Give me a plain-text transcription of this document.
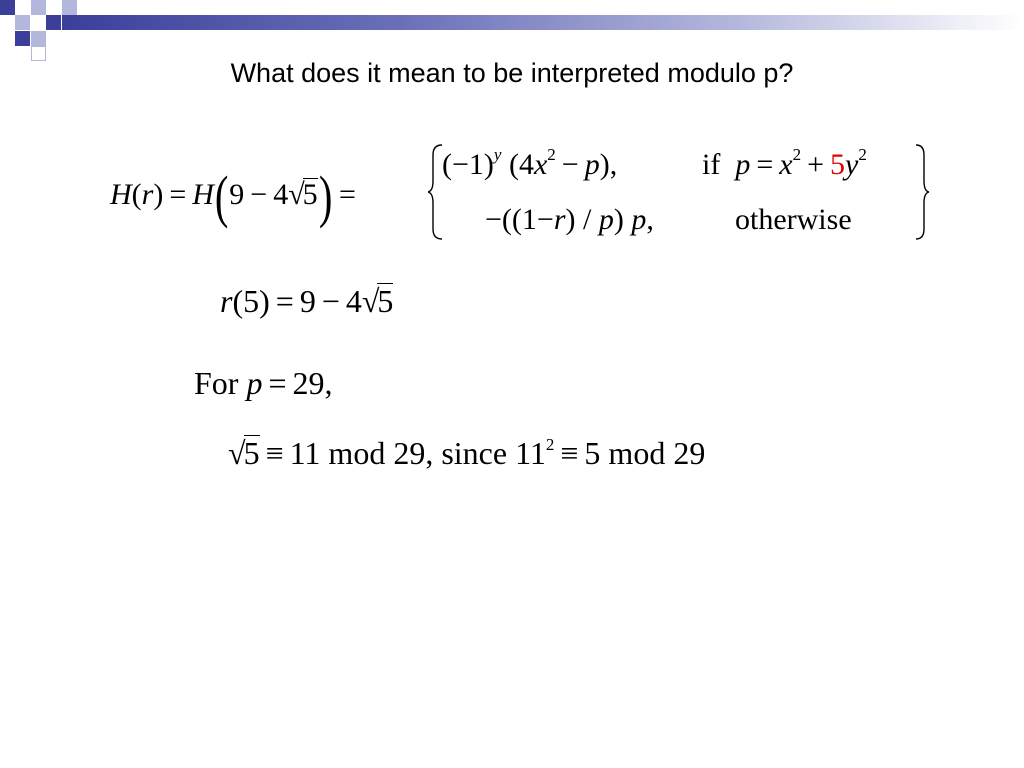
What does it mean to be interpreted modulo p?
H(r) = H(9 − 4√5) =
$(-1)^y$ $(4x^2 - p)$,	if $p = x^2 + 5y^2$
−((1−r) / p) p,	otherwise
r(5) = 9 − 4√5
For p = 29,
√5 ≡ 11 mod 29, since $11^2 \equiv 5$ mod 29
